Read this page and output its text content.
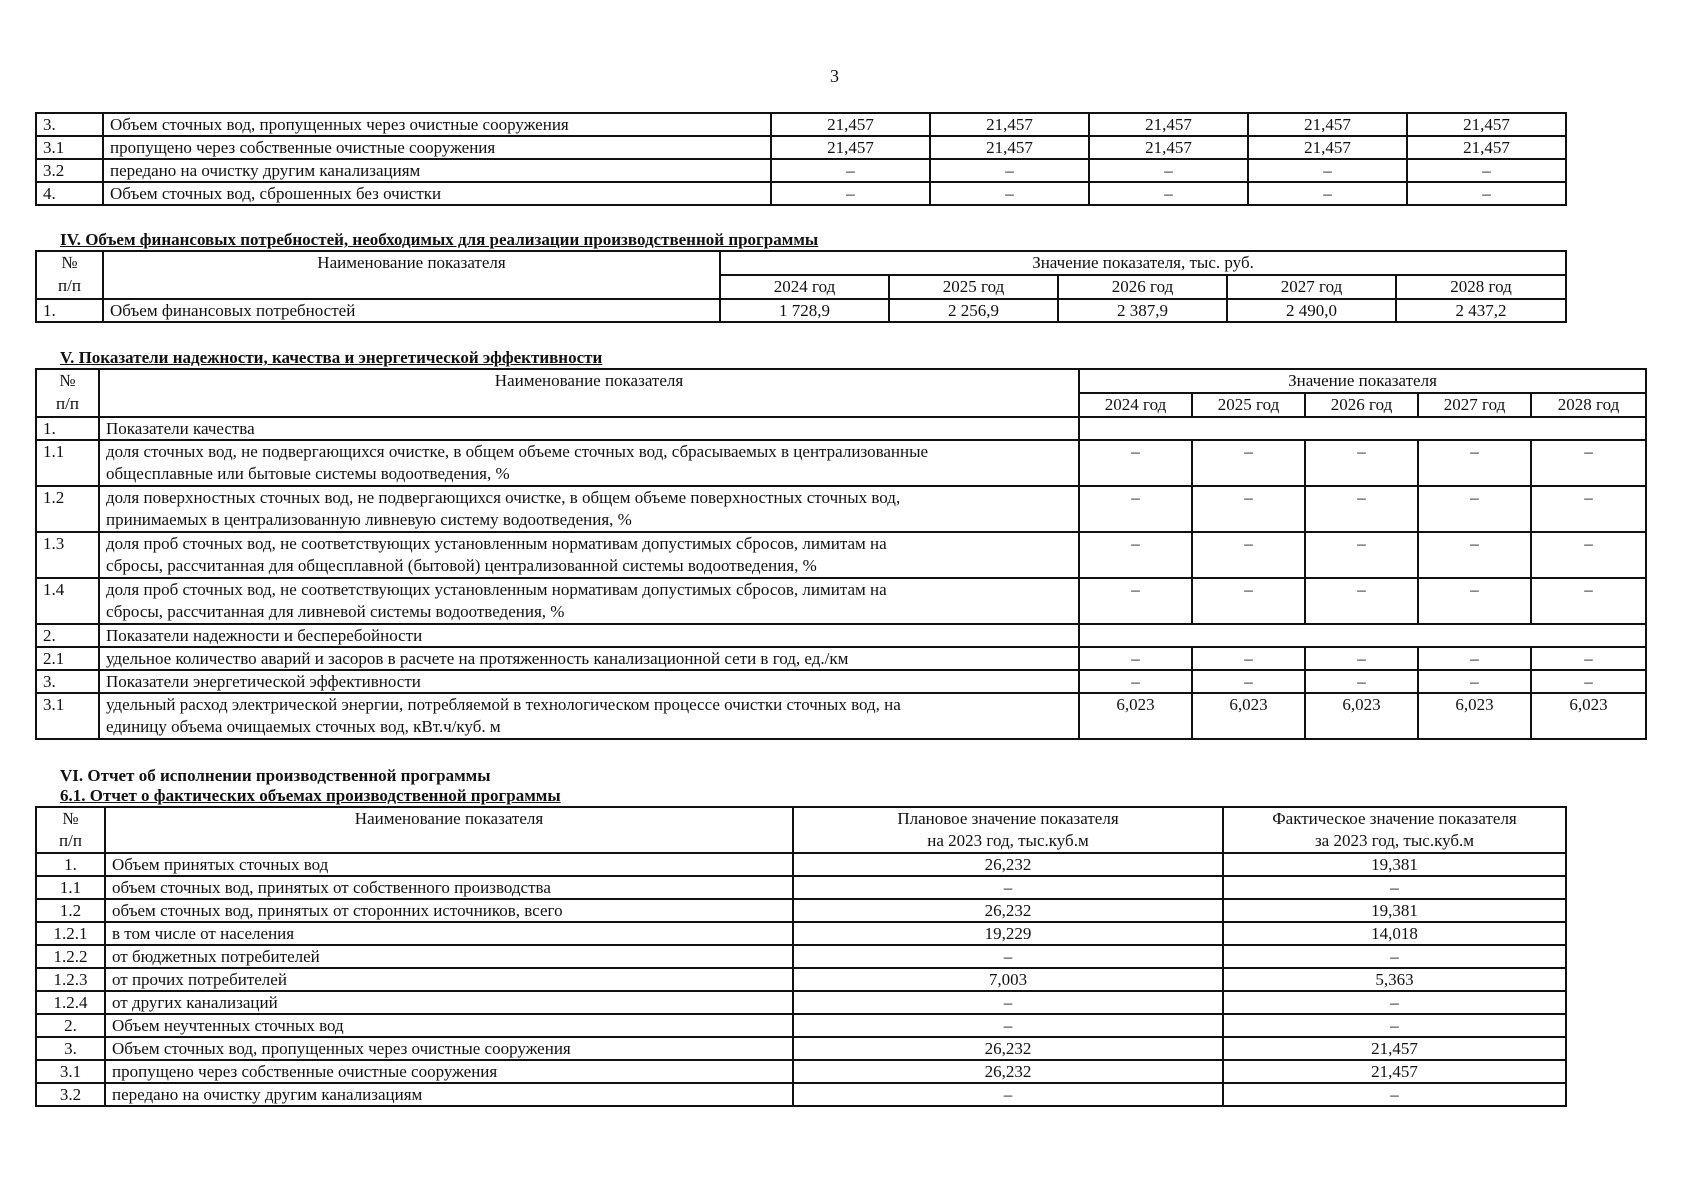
3
3.	Объем сточных вод, пропущенных через очистные сооружения	21,457	21,457	21,457	21,457	21,457
3.1	пропущено через собственные очистные сооружения	21,457	21,457	21,457	21,457	21,457
3.2	передано на очистку другим канализациям	–	–	–	–	–
4.	Объем сточных вод, сброшенных без очистки	–	–	–	–	–
IV. Объем финансовых потребностей, необходимых для реализации производственной программы
№	Наименование показателя	Значение показателя, тыс. руб.				
п/п		2024 год	2025 год	2026 год	2027 год	2028 год
1.	Объем финансовых потребностей	1 728,9	2 256,9	2 387,9	2 490,0	2 437,2
V. Показатели надежности, качества и энергетической эффективности
№	Наименование показателя	Значение показателя				
п/п		2024 год	2025 год	2026 год	2027 год	2028 год
1.	Показатели качества					
1.1	доля сточных вод, не подвергающихся очистке, в общем объеме сточных вод, сбрасываемых в централизованные
общесплавные или бытовые системы водоотведения, %	–	–	–	–	–
1.2	доля поверхностных сточных вод, не подвергающихся очистке, в общем объеме поверхностных сточных вод,
принимаемых в централизованную ливневую систему водоотведения, %	–	–	–	–	–
1.3	доля проб сточных вод, не соответствующих установленным нормативам допустимых сбросов, лимитам на
сбросы, рассчитанная для общесплавной (бытовой) централизованной системы водоотведения, %	–	–	–	–	–
1.4	доля проб сточных вод, не соответствующих установленным нормативам допустимых сбросов, лимитам на
сбросы, рассчитанная для ливневой системы водоотведения, %	–	–	–	–	–
2.	Показатели надежности и бесперебойности					
2.1	удельное количество аварий и засоров в расчете на протяженность канализационной сети в год, ед./км	–	–	–	–	–
3.	Показатели энергетической эффективности	–	–	–	–	–
3.1	удельный расход электрической энергии, потребляемой в технологическом процессе очистки сточных вод, на
единицу объема очищаемых сточных вод, кВт.ч/куб. м	6,023	6,023	6,023	6,023	6,023
VI. Отчет об исполнении производственной программы
6.1. Отчет о фактических объемах производственной программы
№	Наименование показателя	Плановое значение показателя	Фактическое значение показателя
п/п		на 2023 год, тыс.куб.м	за 2023 год, тыс.куб.м
1.	Объем принятых сточных вод	26,232	19,381
1.1	объем сточных вод, принятых от собственного производства	–	–
1.2	объем сточных вод, принятых от сторонних источников, всего	26,232	19,381
1.2.1	в том числе от населения	19,229	14,018
1.2.2	от бюджетных потребителей	–	–
1.2.3	от прочих потребителей	7,003	5,363
1.2.4	от других канализаций	–	–
2.	Объем неучтенных сточных вод	–	–
3.	Объем сточных вод, пропущенных через очистные сооружения	26,232	21,457
3.1	пропущено через собственные очистные сооружения	26,232	21,457
3.2	передано на очистку другим канализациям	–	–
